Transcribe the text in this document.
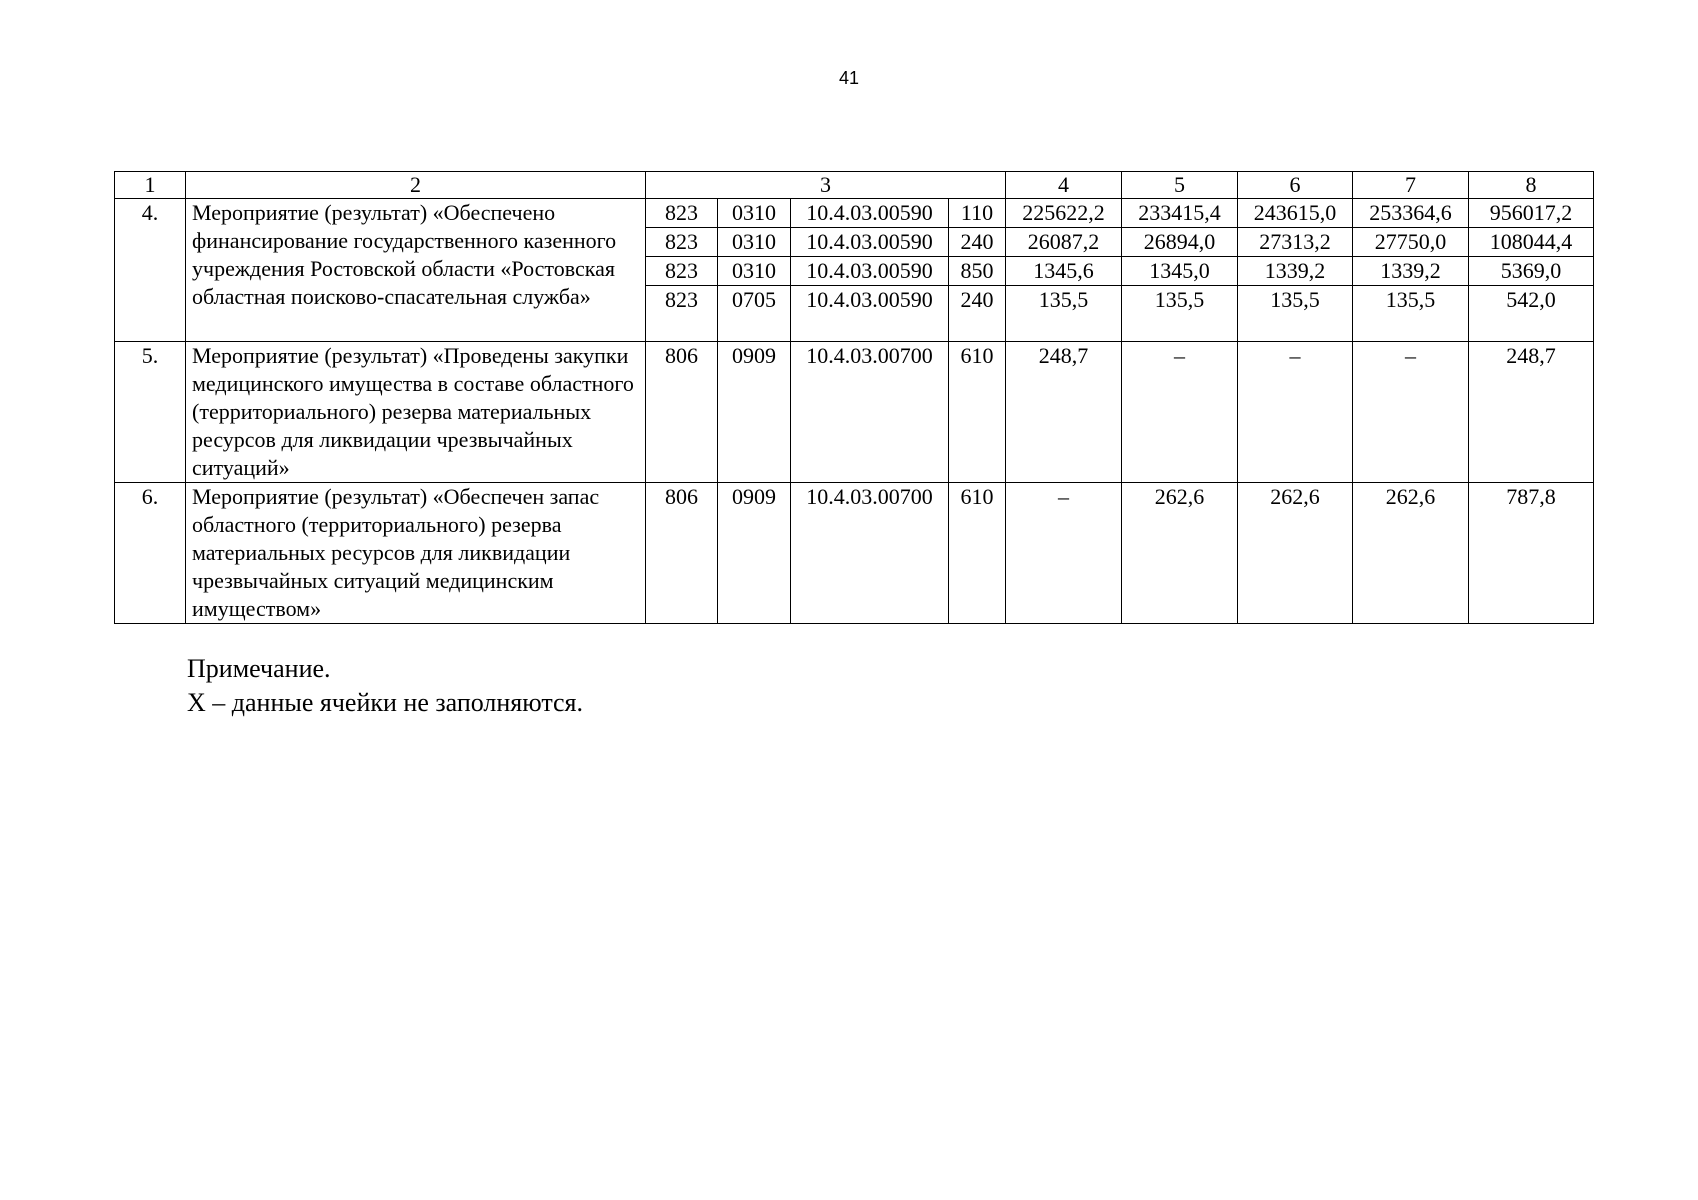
41
1	2	3				4	5	6	7	8
4.	Мероприятие (результат) «Обеспечено финансирование государственного казенного учреждения Ростовской области «Ростовская областная поисково-спасательная служба»	823	0310	10.4.03.00590	110	225622,2	233415,4	243615,0	253364,6	956017,2
		823	0310	10.4.03.00590	240	26087,2	26894,0	27313,2	27750,0	108044,4
		823	0310	10.4.03.00590	850	1345,6	1345,0	1339,2	1339,2	5369,0
		823	0705	10.4.03.00590	240	135,5	135,5	135,5	135,5	542,0
5.	Мероприятие (результат) «Проведены закупки медицинского имущества в составе областного (территориального) резерва материальных ресурсов для ликвидации чрезвычайных ситуаций»	806	0909	10.4.03.00700	610	248,7	–	–	–	248,7
6.	Мероприятие (результат) «Обеспечен запас областного (территориального) резерва материальных ресурсов для ликвидации чрезвычайных ситуаций медицинским имуществом»	806	0909	10.4.03.00700	610	–	262,6	262,6	262,6	787,8
Примечание.
Х – данные ячейки не заполняются.
